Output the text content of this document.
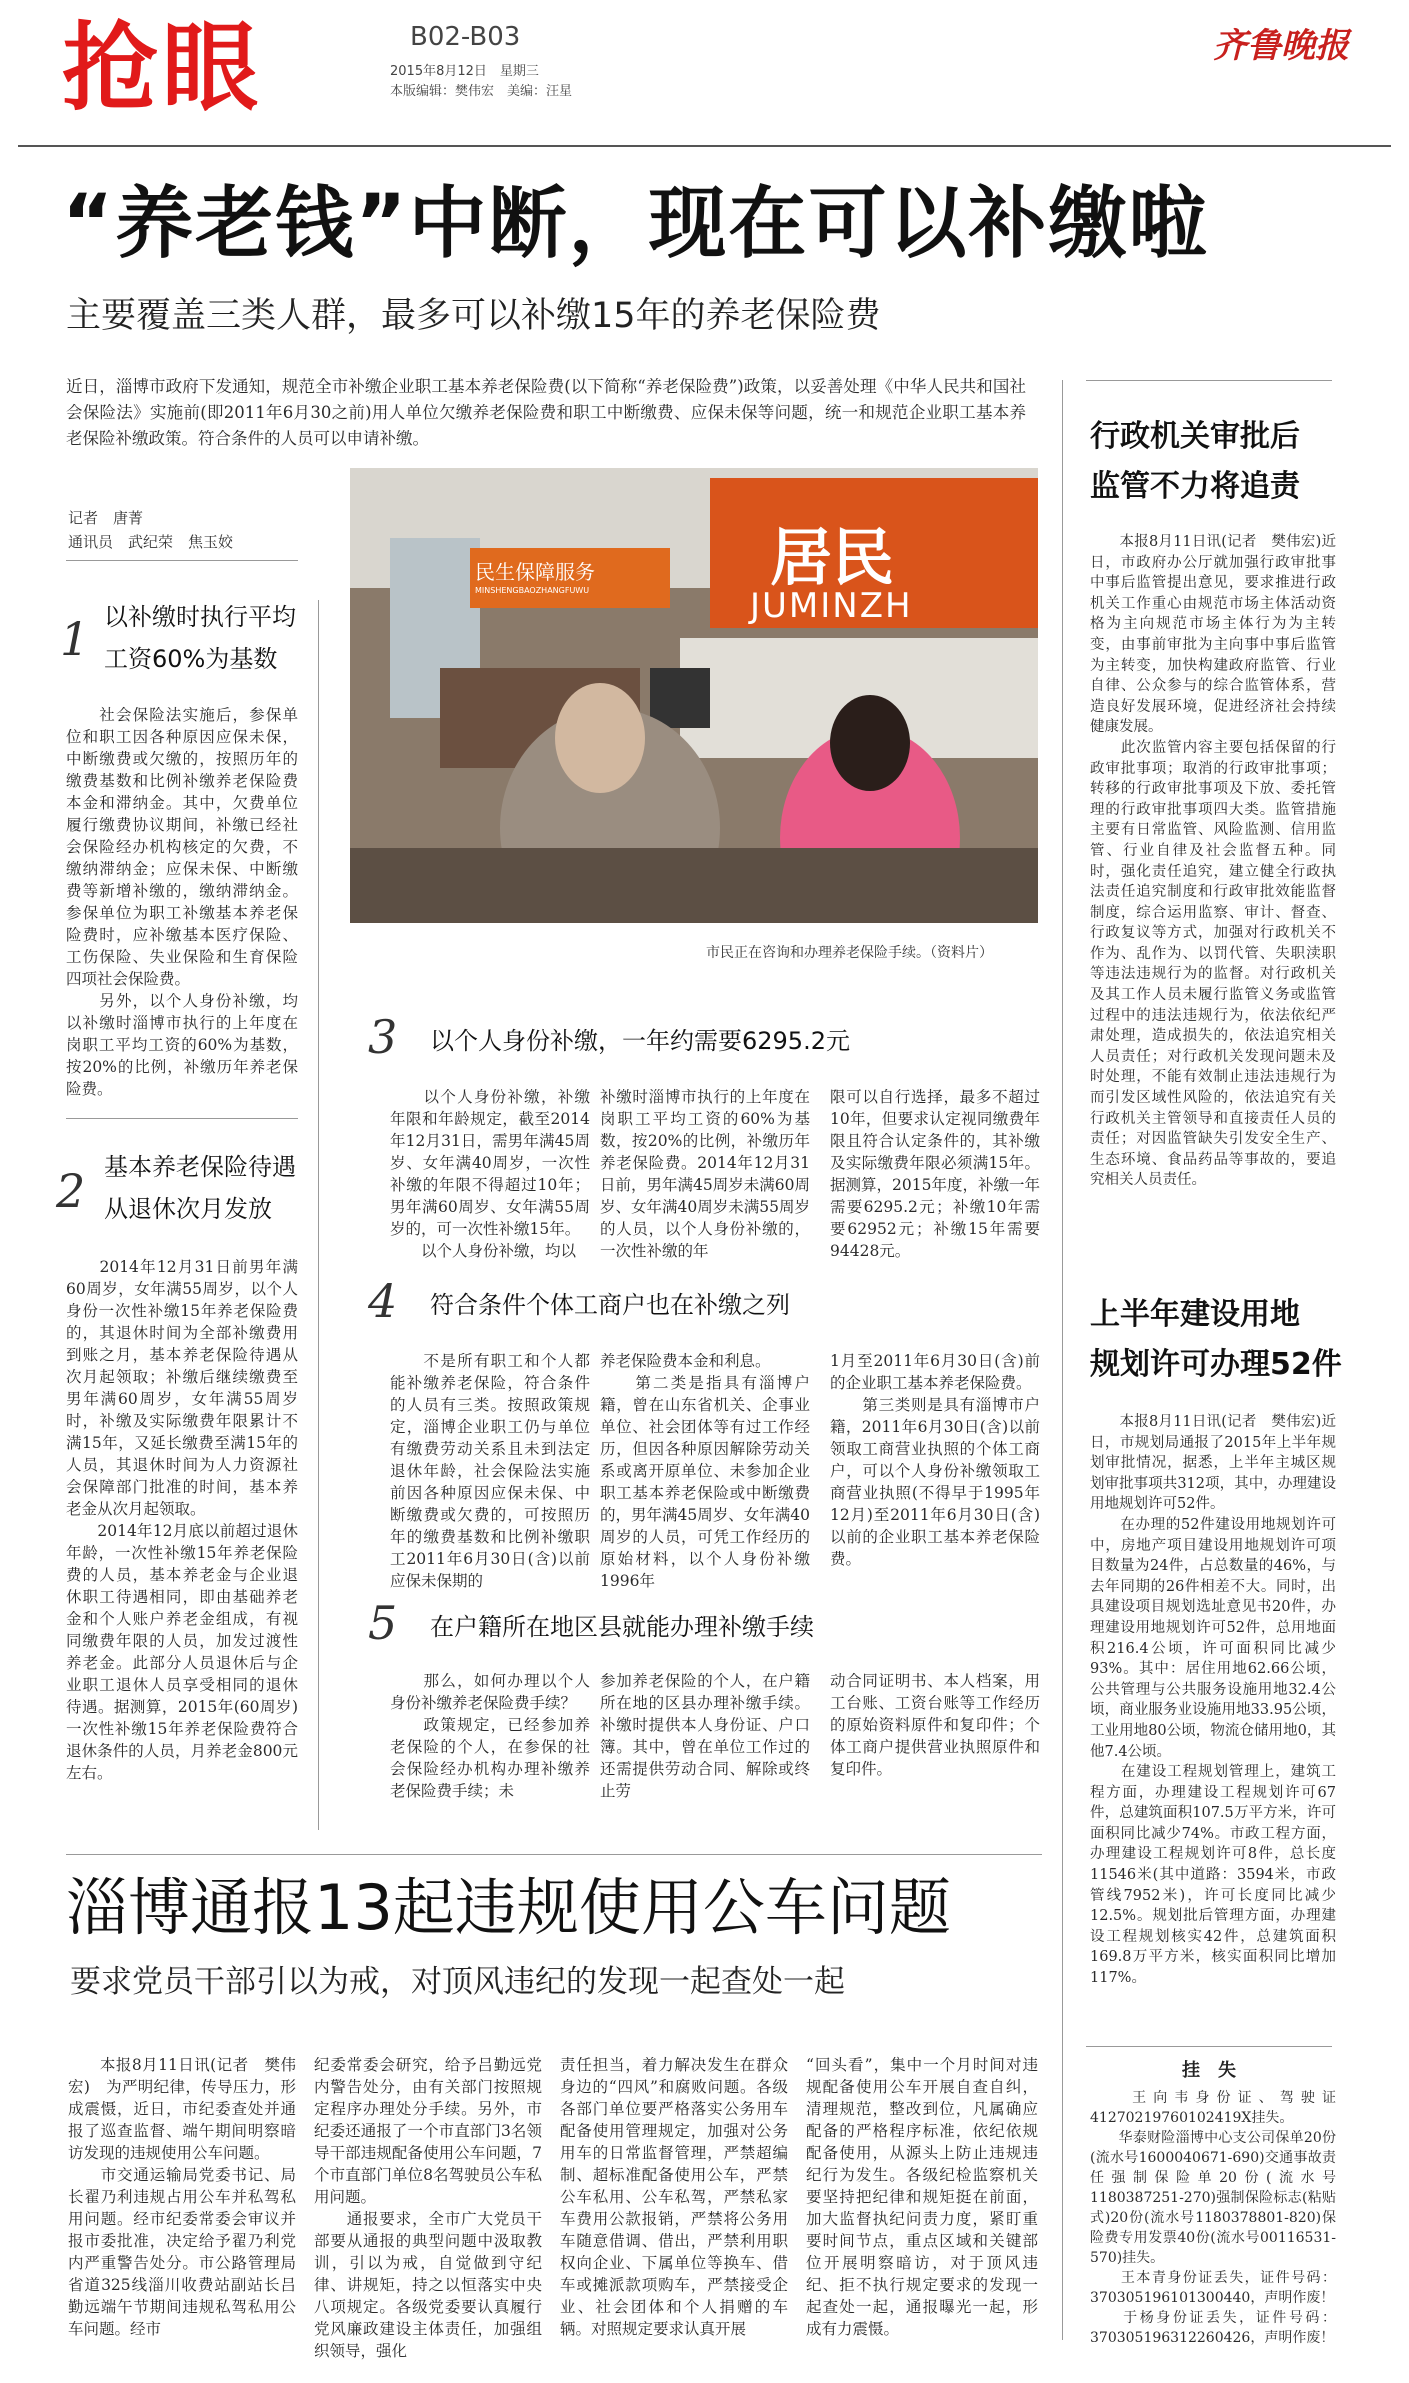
抢眼	B02-B03
2015年8月12日　星期三
本版编辑：樊伟宏　美编：汪星
齐鲁晚报
“养老钱”中断，现在可以补缴啦
主要覆盖三类人群，最多可以补缴15年的养老保险费
近日，淄博市政府下发通知，规范全市补缴企业职工基本养老保险费(以下简称“养老保险费”)政策，以妥善处理《中华人民共和国社会保险法》实施前(即2011年6月30之前)用人单位欠缴养老保险费和职工中断缴费、应保未保等问题，统一和规范企业职工基本养老保险补缴政策。符合条件的人员可以申请补缴。
记者　唐菁
通讯员　武纪荣　焦玉姣	居民
JUMINZH
民生保障服务
MINSHENGBAOZHANGFUWU
市民正在咨询和办理养老保险手续。（资料片）
1 以补缴时执行平均
工资60%为基数
　　社会保险法实施后，参保单位和职工因各种原因应保未保，中断缴费或欠缴的，按照历年的缴费基数和比例补缴养老保险费本金和滞纳金。其中，欠费单位履行缴费协议期间，补缴已经社会保险经办机构核定的欠费，不缴纳滞纳金；应保未保、中断缴费等新增补缴的，缴纳滞纳金。参保单位为职工补缴基本养老保险费时，应补缴基本医疗保险、工伤保险、失业保险和生育保险四项社会保险费。
　　另外，以个人身份补缴，均以补缴时淄博市执行的上年度在岗职工平均工资的60%为基数，按20%的比例，补缴历年养老保险费。
2 基本养老保险待遇
从退休次月发放
　　2014年12月31日前男年满60周岁，女年满55周岁，以个人身份一次性补缴15年养老保险费的，其退休时间为全部补缴费用到账之月，基本养老保险待遇从次月起领取；补缴后继续缴费至男年满60周岁，女年满55周岁时，补缴及实际缴费年限累计不满15年，又延长缴费至满15年的人员，其退休时间为人力资源社会保障部门批准的时间，基本养老金从次月起领取。
　　2014年12月底以前超过退休年龄，一次性补缴15年养老保险费的人员，基本养老金与企业退休职工待遇相同，即由基础养老金和个人账户养老金组成，有视同缴费年限的人员，加发过渡性养老金。此部分人员退休后与企业职工退休人员享受相同的退休待遇。据测算，2015年(60周岁)一次性补缴15年养老保险费符合退休条件的人员，月养老金800元左右。
3 以个人身份补缴，一年约需要6295.2元
　　以个人身份补缴，补缴年限和年龄规定，截至2014年12月31日，需男年满45周岁、女年满40周岁，一次性补缴的年限不得超过10年；男年满60周岁、女年满55周岁的，可一次性补缴15年。
　　以个人身份补缴，均以
补缴时淄博市执行的上年度在岗职工平均工资的60%为基数，按20%的比例，补缴历年养老保险费。2014年12月31日前，男年满45周岁未满60周岁、女年满40周岁未满55周岁的人员，以个人身份补缴的，一次性补缴的年
限可以自行选择，最多不超过10年，但要求认定视同缴费年限且符合认定条件的，其补缴及实际缴费年限必须满15年。据测算，2015年度，补缴一年需要6295.2元；补缴10年需要62952元；补缴15年需要94428元。
4 符合条件个体工商户也在补缴之列
　　不是所有职工和个人都能补缴养老保险，符合条件的人员有三类。按照政策规定，淄博企业职工仍与单位有缴费劳动关系且未到法定退休年龄，社会保险法实施前因各种原因应保未保、中断缴费或欠费的，可按照历年的缴费基数和比例补缴职工2011年6月30日(含)以前应保未保期的
养老保险费本金和利息。
　　第二类是指具有淄博户籍，曾在山东省机关、企事业单位、社会团体等有过工作经历，但因各种原因解除劳动关系或离开原单位、未参加企业职工基本养老保险或中断缴费的，男年满45周岁、女年满40周岁的人员，可凭工作经历的原始材料，以个人身份补缴1996年
1月至2011年6月30日(含)前的企业职工基本养老保险费。
　　第三类则是具有淄博市户籍，2011年6月30日(含)以前领取工商营业执照的个体工商户，可以个人身份补缴领取工商营业执照(不得早于1995年12月)至2011年6月30日(含)以前的企业职工基本养老保险费。
5 在户籍所在地区县就能办理补缴手续
　　那么，如何办理以个人身份补缴养老保险费手续？
　　政策规定，已经参加养老保险的个人，在参保的社会保险经办机构办理补缴养老保险费手续；未
参加养老保险的个人，在户籍所在地的区县办理补缴手续。补缴时提供本人身份证、户口簿。其中，曾在单位工作过的还需提供劳动合同、解除或终止劳
动合同证明书、本人档案，用工台账、工资台账等工作经历的原始资料原件和复印件；个体工商户提供营业执照原件和复印件。
行政机关审批后
监管不力将追责
　　本报8月11日讯(记者　樊伟宏)近日，市政府办公厅就加强行政审批事中事后监管提出意见，要求推进行政机关工作重心由规范市场主体活动资格为主向规范市场主体行为为主转变，由事前审批为主向事中事后监管为主转变，加快构建政府监管、行业自律、公众参与的综合监管体系，营造良好发展环境，促进经济社会持续健康发展。
　　此次监管内容主要包括保留的行政审批事项；取消的行政审批事项；转移的行政审批事项及下放、委托管理的行政审批事项四大类。监管措施主要有日常监管、风险监测、信用监管、行业自律及社会监督五种。同时，强化责任追究，建立健全行政执法责任追究制度和行政审批效能监督制度，综合运用监察、审计、督查、行政复议等方式，加强对行政机关不作为、乱作为、以罚代管、失职渎职等违法违规行为的监督。对行政机关及其工作人员未履行监管义务或监管过程中的违法违规行为，依法依纪严肃处理，造成损失的，依法追究相关人员责任；对行政机关发现问题未及时处理，不能有效制止违法违规行为而引发区域性风险的，依法追究有关行政机关主管领导和直接责任人员的责任；对因监管缺失引发安全生产、生态环境、食品药品等事故的，要追究相关人员责任。
上半年建设用地
规划许可办理52件
　　本报8月11日讯(记者　樊伟宏)近日，市规划局通报了2015年上半年规划审批情况，据悉，上半年主城区规划审批事项共312项，其中，办理建设用地规划许可52件。
　　在办理的52件建设用地规划许可中，房地产项目建设用地规划许可项目数量为24件，占总数量的46%，与去年同期的26件相差不大。同时，出具建设项目规划选址意见书20件，办理建设用地规划许可52件，总用地面积216.4公顷，许可面积同比减少93%。其中：居住用地62.66公顷，公共管理与公共服务设施用地32.4公顷，商业服务业设施用地33.95公顷，工业用地80公顷，物流仓储用地0，其他7.4公顷。
　　在建设工程规划管理上，建筑工程方面，办理建设工程规划许可67件，总建筑面积107.5万平方米，许可面积同比减少74%。市政工程方面，办理建设工程规划许可8件，总长度11546米(其中道路：3594米，市政管线7952米)，许可长度同比减少12.5%。规划批后管理方面，办理建设工程规划核实42件，总建筑面积169.8万平方米，核实面积同比增加117%。
挂　失
　　王向韦身份证、驾驶证41270219760102419X挂失。
　　华泰财险淄博中心支公司保单20份(流水号1600040671-690)交通事故责任强制保险单20份(流水号1180387251-270)强制保险标志(粘贴式)20份(流水号1180378801-820)保险费专用发票40份(流水号00116531-570)挂失。
　　王本青身份证丢失，证件号码：370305196101300440，声明作废！
　　于杨身份证丢失，证件号码：370305196312260426，声明作废！
淄博通报13起违规使用公车问题
要求党员干部引以为戒，对顶风违纪的发现一起查处一起
　　本报8月11日讯(记者　樊伟宏)　为严明纪律，传导压力，形成震慑，近日，市纪委查处并通报了巡查监督、端午期间明察暗访发现的违规使用公车问题。
　　市交通运输局党委书记、局长翟乃利违规占用公车并私驾私用问题。经市纪委常委会审议并报市委批准，决定给予翟乃利党内严重警告处分。市公路管理局省道325线淄川收费站副站长吕勤远端午节期间违规私驾私用公车问题。经市
纪委常委会研究，给予吕勤远党内警告处分，由有关部门按照规定程序办理处分手续。另外，市纪委还通报了一个市直部门3名领导干部违规配备使用公车问题，7个市直部门单位8名驾驶员公车私用问题。
　　通报要求，全市广大党员干部要从通报的典型问题中汲取教训，引以为戒，自觉做到守纪律、讲规矩，持之以恒落实中央八项规定。各级党委要认真履行党风廉政建设主体责任，加强组织领导，强化
责任担当，着力解决发生在群众身边的“四风”和腐败问题。各级各部门单位要严格落实公务用车配备使用管理规定，加强对公务用车的日常监督管理，严禁超编制、超标准配备使用公车，严禁公车私用、公车私驾，严禁私家车费用公款报销，严禁将公务用车随意借调、借出，严禁利用职权向企业、下属单位等换车、借车或摊派款项购车，严禁接受企业、社会团体和个人捐赠的车辆。对照规定要求认真开展
“回头看”，集中一个月时间对违规配备使用公车开展自查自纠，清理规范，整改到位，凡属确应配备的严格程序标准，依纪依规配备使用，从源头上防止违规违纪行为发生。各级纪检监察机关要坚持把纪律和规矩挺在前面，加大监督执纪问责力度，紧盯重要时间节点，重点区域和关键部位开展明察暗访，对于顶风违纪、拒不执行规定要求的发现一起查处一起，通报曝光一起，形成有力震慑。
